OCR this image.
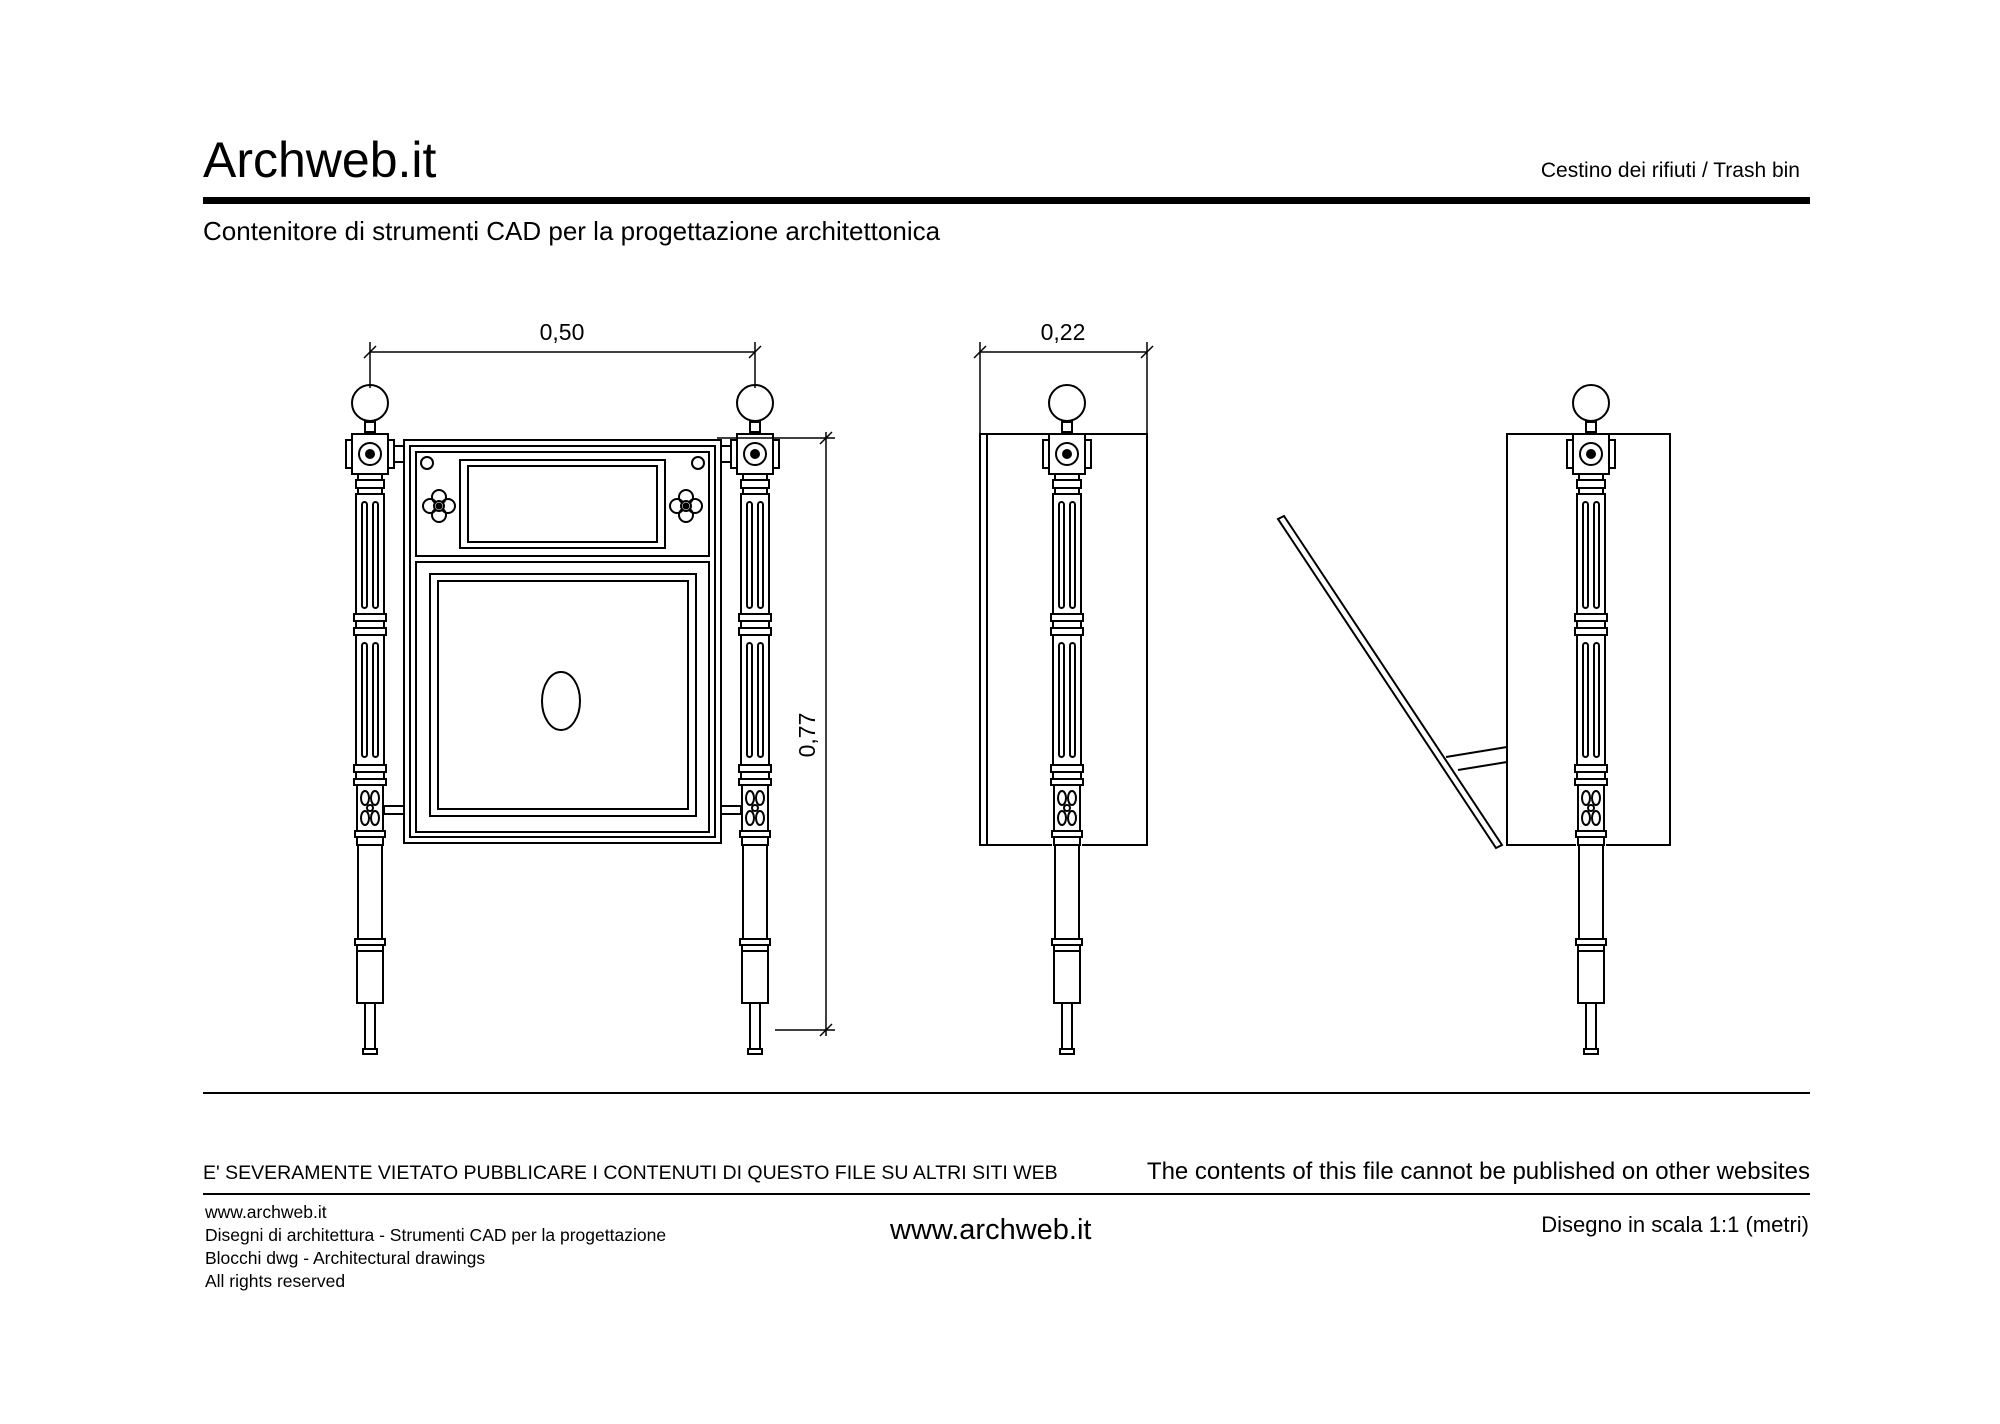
Archweb.it	Cestino dei rifiuti / Trash bin
Contenitore di strumenti CAD per la progettazione architettonica
0,50
0,77
0,22
E' SEVERAMENTE VIETATO PUBBLICARE I CONTENUTI DI QUESTO FILE SU ALTRI SITI WEB	The contents of this file cannot be published on other websites
www.archweb.it
Disegni di architettura - Strumenti CAD per la progettazione
Blocchi dwg - Architectural drawings
All rights reserved
www.archweb.it	Disegno in scala 1:1 (metri)
